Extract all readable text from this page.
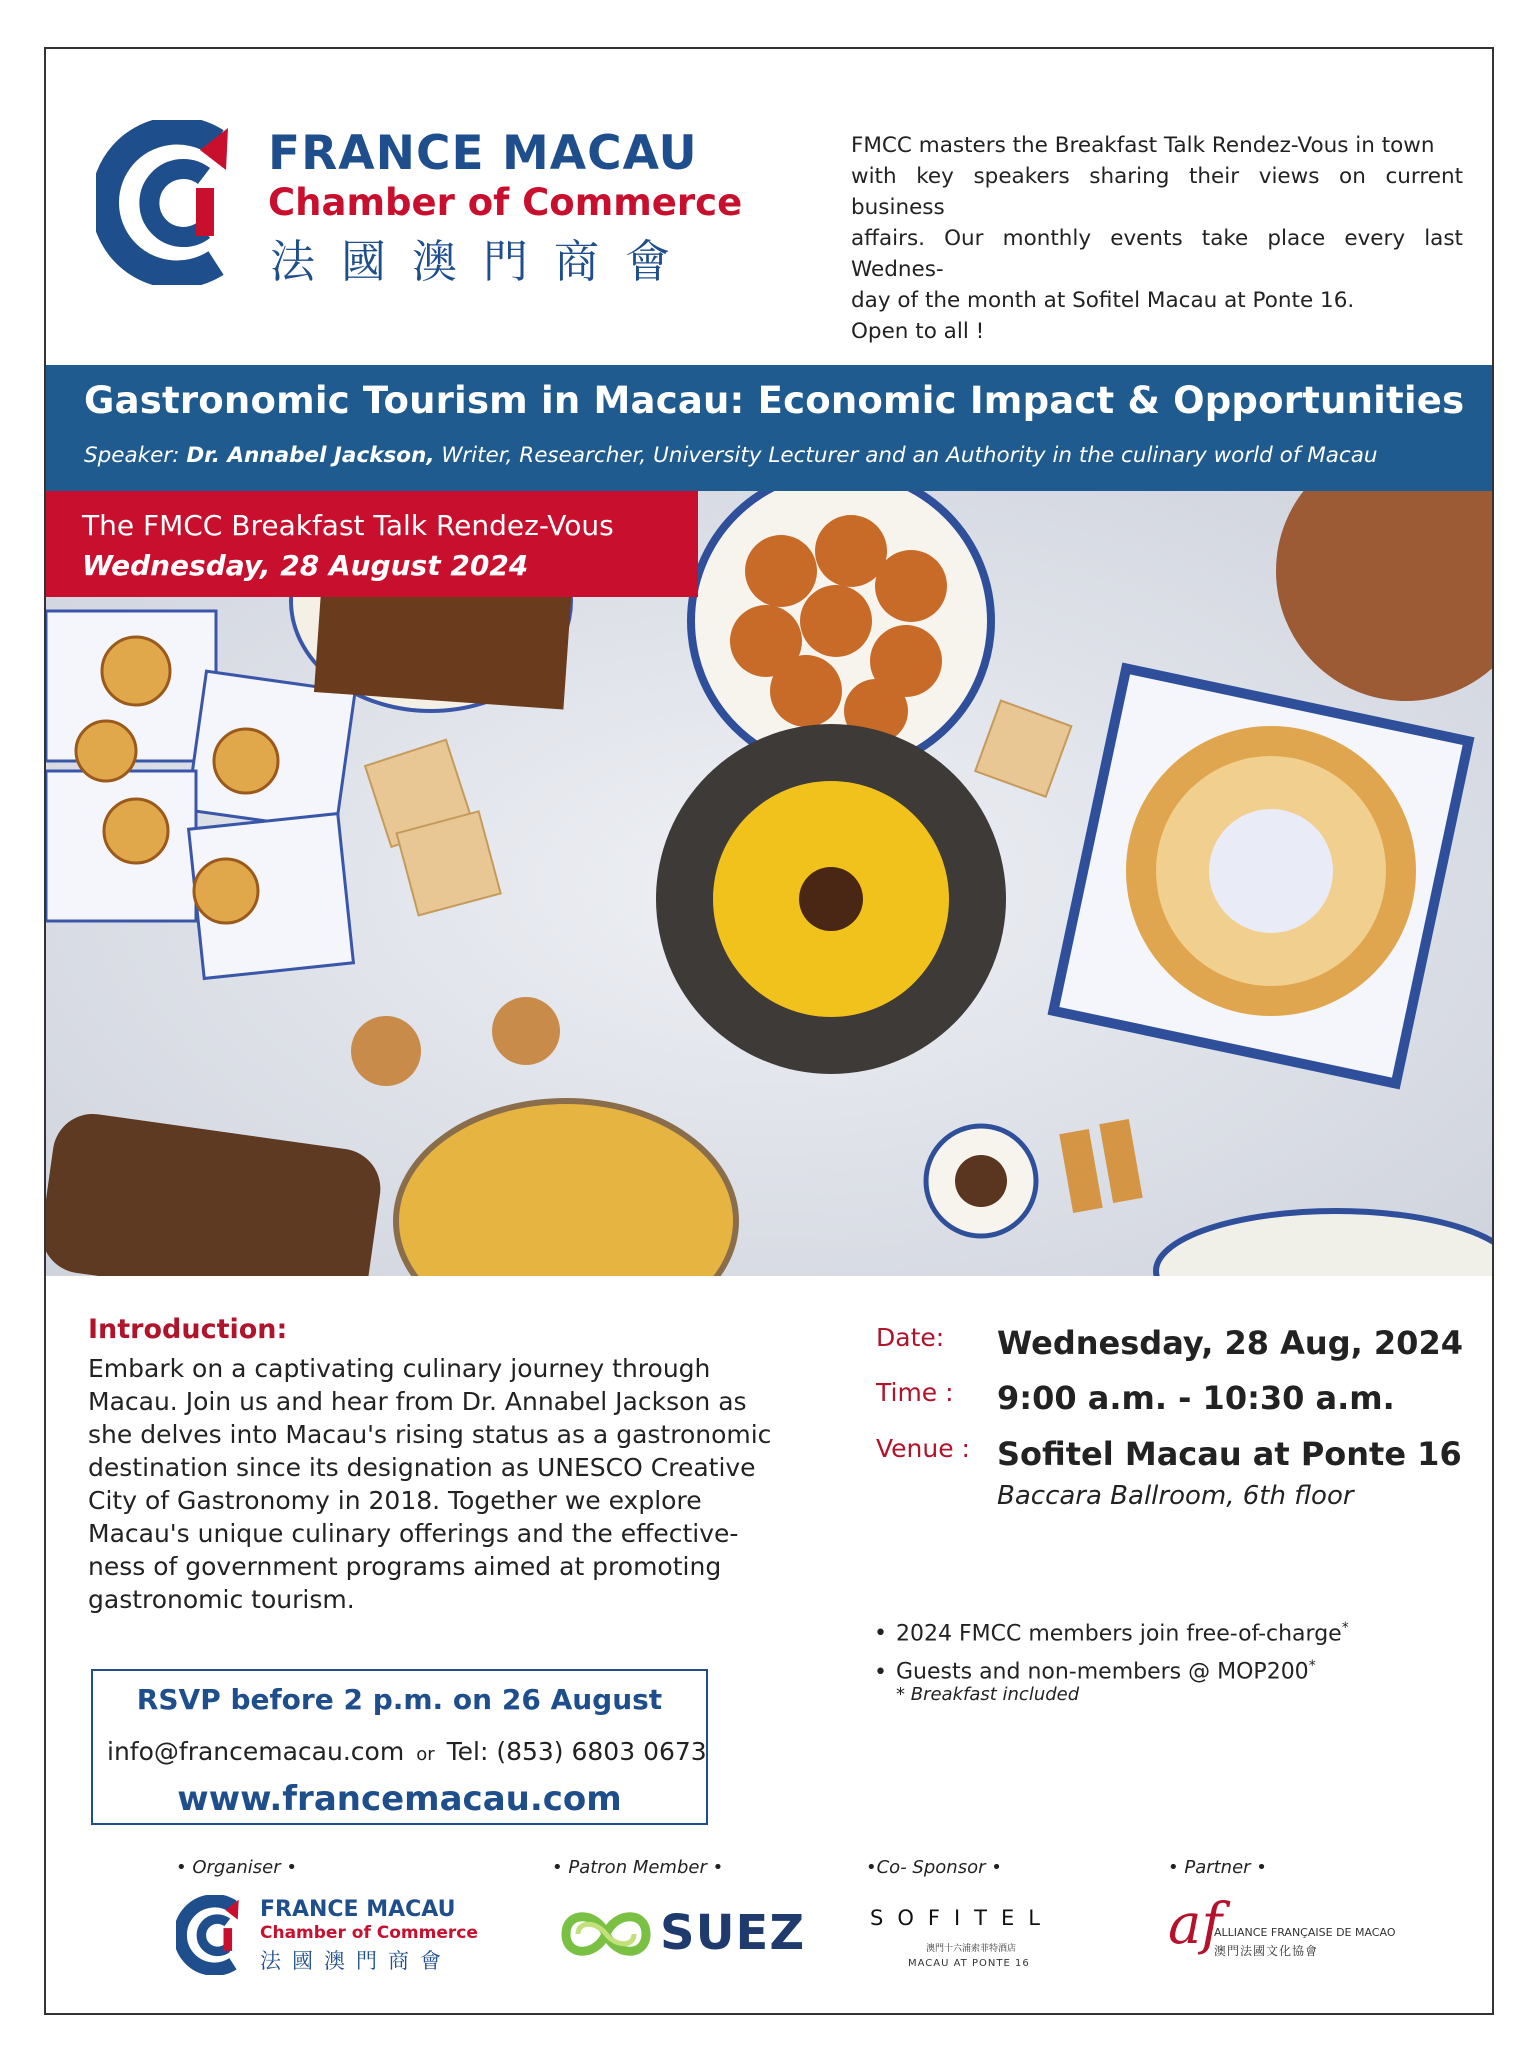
FRANCE MACAU
Chamber of Commerce
法國澳門商會
FMCC masters the Breakfast Talk Rendez-Vous in town
with key speakers sharing their views on current business
affairs. Our monthly events take place every last Wednes-
day of the month at Sofitel Macau at Ponte 16.
Open to all !
Gastronomic Tourism in Macau: Economic Impact & Opportunities
Speaker: Dr. Annabel Jackson, Writer, Researcher, University Lecturer and an Authority in the culinary world of Macau
The FMCC Breakfast Talk Rendez-Vous
Wednesday, 28 August 2024
Introduction:
Embark on a captivating culinary journey through
Macau. Join us and hear from Dr. Annabel Jackson as
she delves into Macau's rising status as a gastronomic
destination since its designation as UNESCO Creative
City of Gastronomy in 2018. Together we explore
Macau's unique culinary offerings and the effective-
ness of government programs aimed at promoting
gastronomic tourism.
Date: Wednesday, 28 Aug, 2024
Time : 9:00 a.m. - 10:30 a.m.
Venue : Sofitel Macau at Ponte 16
Baccara Ballroom, 6th floor
• 2024 FMCC members join free-of-charge*
• Guests and non-members @ MOP200*
* Breakfast included
RSVP before 2 p.m. on 26 August
info@francemacau.com or Tel: (853) 6803 0673
www.francemacau.com
• Organiser •	• Patron Member •	•Co- Sponsor •	• Partner •
FRANCE MACAU
Chamber of Commerce
法國澳門商會	SUEZ	SOFITEL
澳門十六浦索菲特酒店
MACAU AT PONTE 16
af
ALLIANCE FRANÇAISE DE MACAO
澳門法國文化協會
